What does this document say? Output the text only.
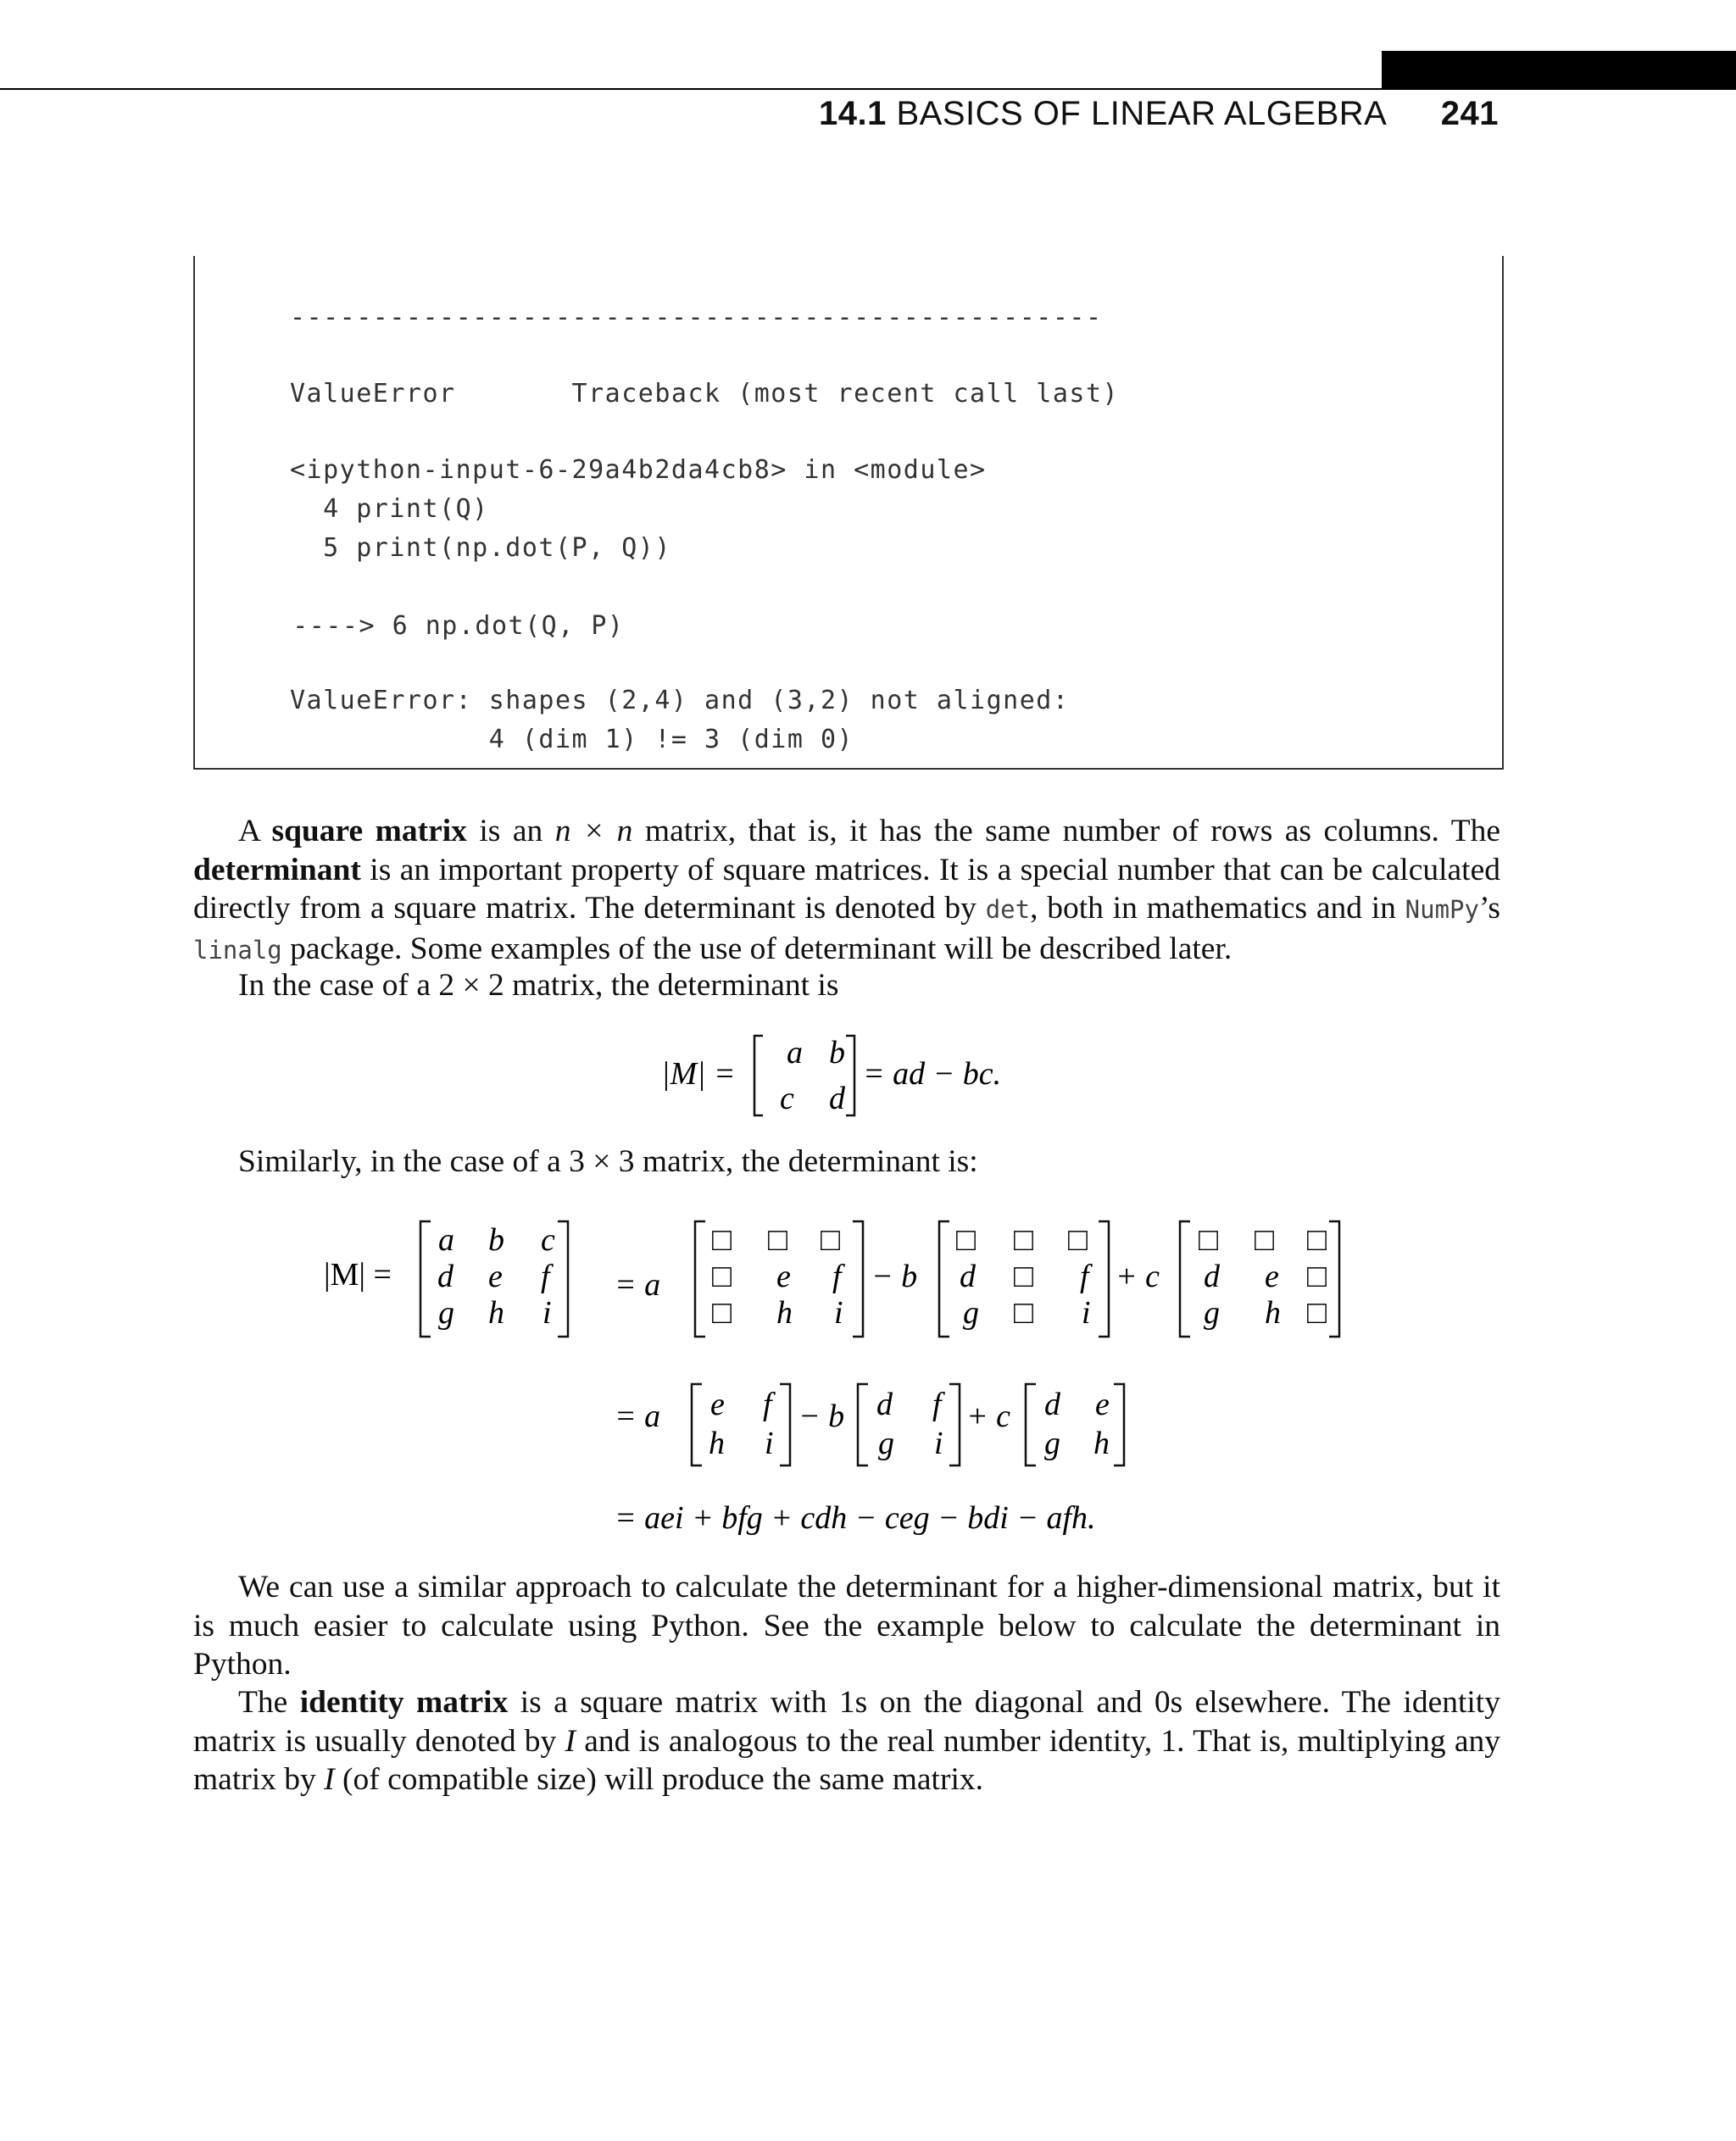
14.1 BASICS OF LINEAR ALGEBRA 241
-------------------------------------------------
ValueError       Traceback (most recent call last)
<ipython-input-6-29a4b2da4cb8> in <module>
4 print(Q)
5 print(np.dot(P, Q))

----> 6 np.dot(Q, P)

ValueError: shapes (2,4) and (3,2) not aligned:
4 (dim 1) != 3 (dim 0)

A square matrix is an n × n matrix, that is, it has the same number of rows as columns. The determinant is an important property of square matrices. It is a special number that can be calculated directly from a square matrix. The determinant is denoted by det, both in mathematics and in NumPy’s linalg package. Some examples of the use of determinant will be described later.

In the case of a 2 × 2 matrix, the determinant is

|M| =
a b
c d
= ad − bc.

Similarly, in the case of a 3 × 3 matrix, the determinant is:

|M| =
a b c
d e f
g h i
= a
□ □ □
□ e f
□ h i
− b
□ □ □
d □ f
g □ i
+ c
□ □ □
d e □
g h □
= a e f
h i
− b d f
g i
+ c d e
g h
= aei + bfg + cdh − ceg − bdi − afh.

We can use a similar approach to calculate the determinant for a higher-dimensional matrix, but it is much easier to calculate using Python. See the example below to calculate the determinant in Python.

The identity matrix is a square matrix with 1s on the diagonal and 0s elsewhere. The identity matrix is usually denoted by I and is analogous to the real number identity, 1. That is, multiplying any matrix by I (of compatible size) will produce the same matrix.
